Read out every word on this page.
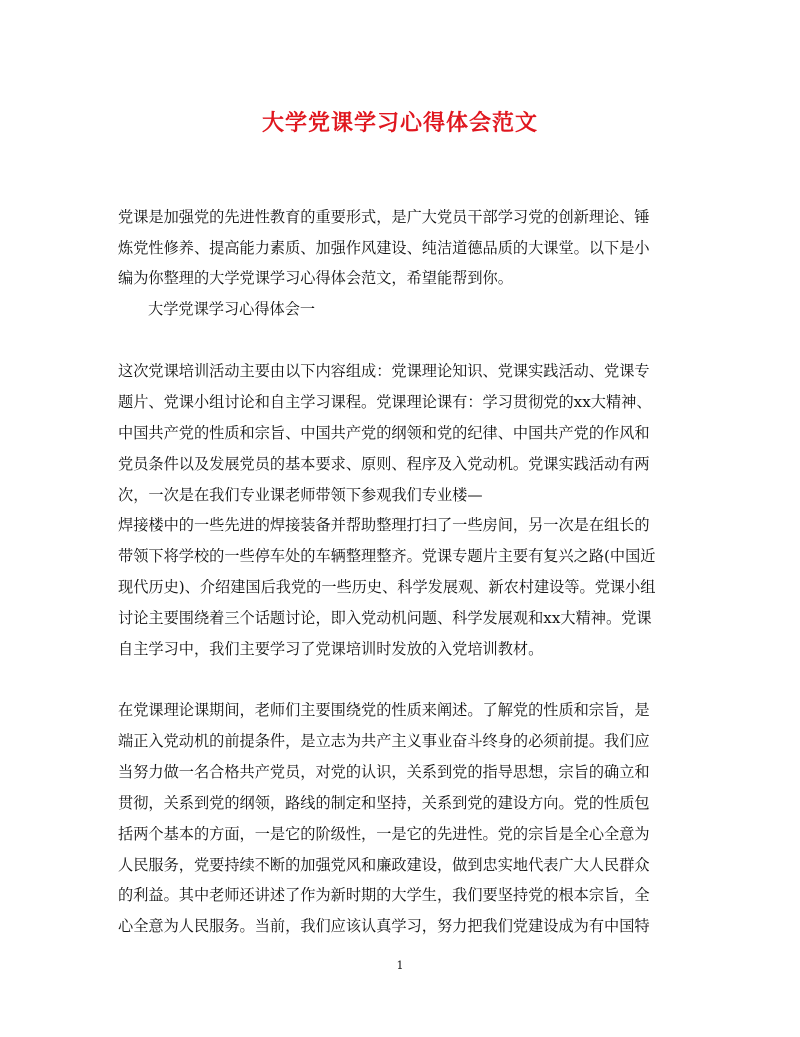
大学党课学习心得体会范文

党课是加强党的先进性教育的重要形式，是广大党员干部学习党的创新理论、锤

炼党性修养、提高能力素质、加强作风建设、纯洁道德品质的大课堂。以下是小

编为你整理的大学党课学习心得体会范文，希望能帮到你。

大学党课学习心得体会一

这次党课培训活动主要由以下内容组成：党课理论知识、党课实践活动、党课专

题片、党课小组讨论和自主学习课程。党课理论课有：学习贯彻党的xx大精神、

中国共产党的性质和宗旨、中国共产党的纲领和党的纪律、中国共产党的作风和

党员条件以及发展党员的基本要求、原则、程序及入党动机。党课实践活动有两

次，一次是在我们专业课老师带领下参观我们专业楼—

焊接楼中的一些先进的焊接装备并帮助整理打扫了一些房间，另一次是在组长的

带领下将学校的一些停车处的车辆整理整齐。党课专题片主要有复兴之路(中国近

现代历史)、介绍建国后我党的一些历史、科学发展观、新农村建设等。党课小组

讨论主要围绕着三个话题讨论，即入党动机问题、科学发展观和xx大精神。党课

自主学习中，我们主要学习了党课培训时发放的入党培训教材。

在党课理论课期间，老师们主要围绕党的性质来阐述。了解党的性质和宗旨，是

端正入党动机的前提条件，是立志为共产主义事业奋斗终身的必须前提。我们应

当努力做一名合格共产党员，对党的认识，关系到党的指导思想，宗旨的确立和

贯彻，关系到党的纲领，路线的制定和坚持，关系到党的建设方向。党的性质包

括两个基本的方面，一是它的阶级性，一是它的先进性。党的宗旨是全心全意为

人民服务，党要持续不断的加强党风和廉政建设，做到忠实地代表广大人民群众

的利益。其中老师还讲述了作为新时期的大学生，我们要坚持党的根本宗旨，全

心全意为人民服务。当前，我们应该认真学习，努力把我们党建设成为有中国特

1
